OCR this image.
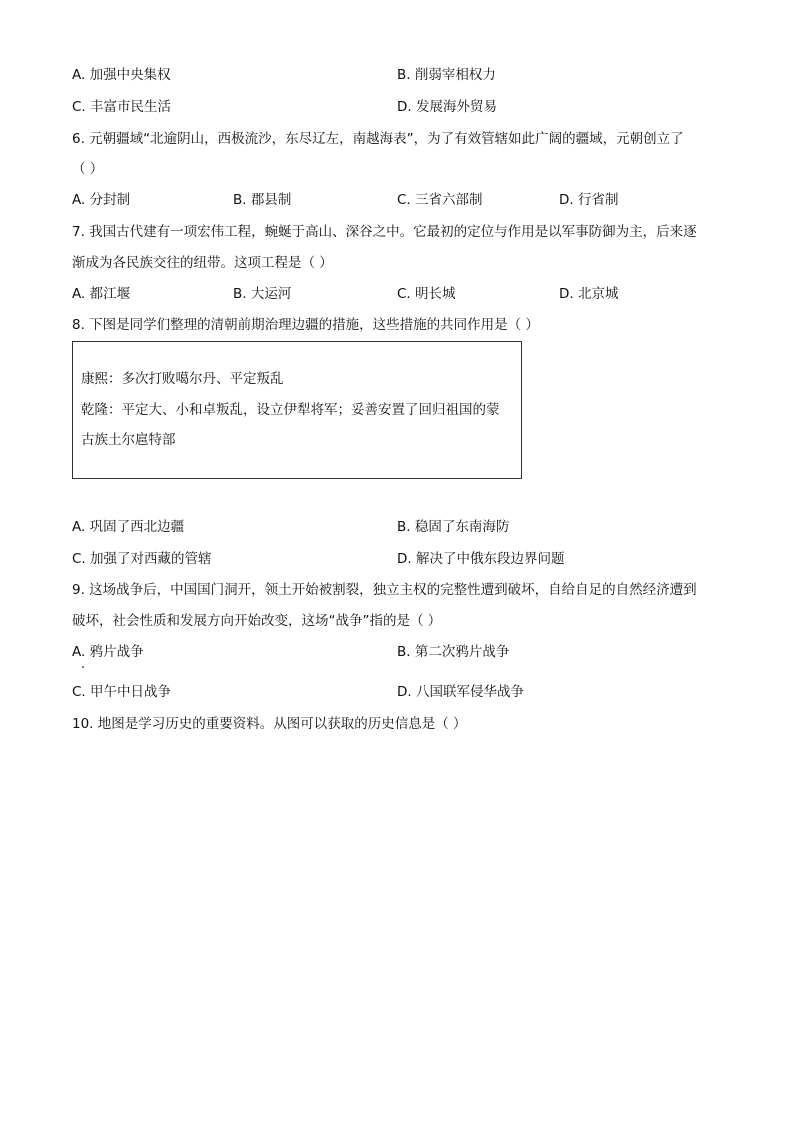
A. 加强中央集权	B. 削弱宰相权力
C. 丰富市民生活	D. 发展海外贸易
6. 元朝疆域“北逾阴山，西极流沙，东尽辽左，南越海表”，为了有效管辖如此广阔的疆域，元朝创立了
（ ）
A. 分封制	B. 郡县制	C. 三省六部制	D. 行省制
7. 我国古代建有一项宏伟工程，蜿蜒于高山、深谷之中。它最初的定位与作用是以军事防御为主，后来逐
渐成为各民族交往的纽带。这项工程是（ ）
A. 都江堰	B. 大运河	C. 明长城	D. 北京城
8. 下图是同学们整理的清朝前期治理边疆的措施，这些措施的共同作用是（ ）
康熙：多次打败噶尔丹、平定叛乱
乾隆：平定大、小和卓叛乱，设立伊犁将军；妥善安置了回归祖国的蒙
古族土尔扈特部
A. 巩固了西北边疆	B. 稳固了东南海防
C. 加强了对西藏的管辖	D. 解决了中俄东段边界问题
9. 这场战争后，中国国门洞开，领土开始被割裂，独立主权的完整性遭到破坏，自给自足的自然经济遭到
破坏，社会性质和发展方向开始改变，这场“战争”指的是（ ）
A. 鸦片战争	B. 第二次鸦片战争
C. 甲午中日战争	D. 八国联军侵华战争
10. 地图是学习历史的重要资料。从图可以获取的历史信息是（ ）
